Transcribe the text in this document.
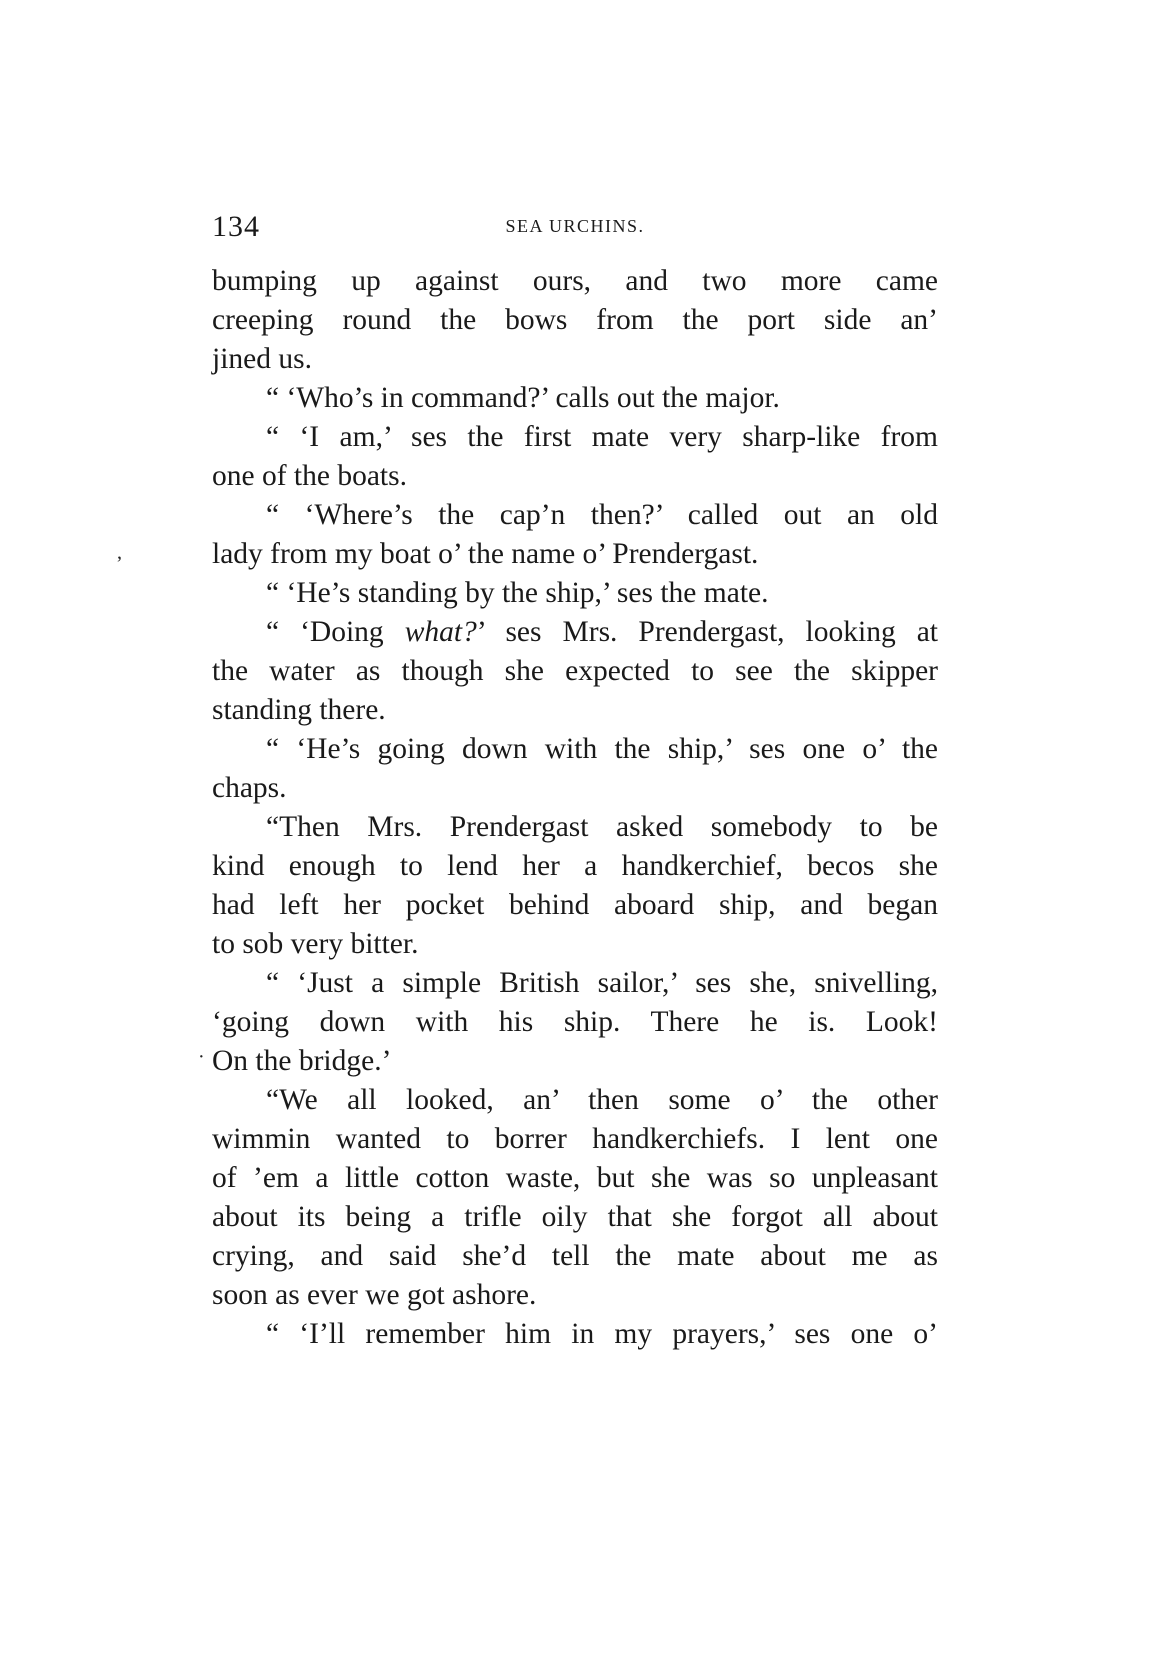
134	SEA URCHINS.
ʼ
·
bumping up against ours, and two more came
creeping round the bows from the port side an’
jined us.
“ ‘Who’s in command?’ calls out the major.
“ ‘I am,’ ses the first mate very sharp-like from
one of the boats.
“ ‘Where’s the cap’n then?’ called out an old
lady from my boat o’ the name o’ Prendergast.
“ ‘He’s standing by the ship,’ ses the mate.
“ ‘Doing what?’ ses Mrs. Prendergast, looking at
the water as though she expected to see the skipper
standing there.
“ ‘He’s going down with the ship,’ ses one o’ the
chaps.
“Then Mrs. Prendergast asked somebody to be
kind enough to lend her a handkerchief, becos she
had left her pocket behind aboard ship, and began
to sob very bitter.
“ ‘Just a simple British sailor,’ ses she, snivelling,
‘going down with his ship. There he is. Look!
On the bridge.’
“We all looked, an’ then some o’ the other
wimmin wanted to borrer handkerchiefs. I lent one
of ’em a little cotton waste, but she was so unpleasant
about its being a trifle oily that she forgot all about
crying, and said she’d tell the mate about me as
soon as ever we got ashore.
“ ‘I’ll remember him in my prayers,’ ses one o’
